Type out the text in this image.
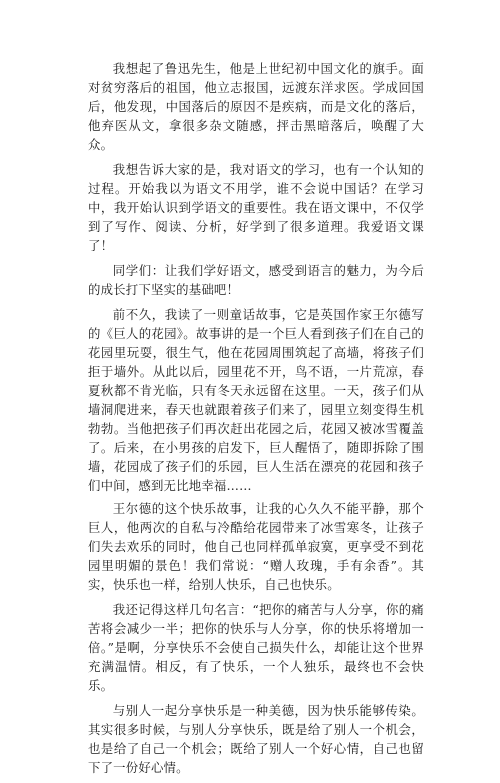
我想起了鲁迅先生，他是上世纪初中国文化的旗手。面对贫穷落后的祖国，他立志报国，远渡东洋求医。学成回国后，他发现，中国落后的原因不是疾病，而是文化的落后，他弃医从文，拿很多杂文随感，抨击黑暗落后，唤醒了大众。

我想告诉大家的是，我对语文的学习，也有一个认知的过程。开始我以为语文不用学，谁不会说中国话？在学习中，我开始认识到学语文的重要性。我在语文课中，不仅学到了写作、阅读、分析，好学到了很多道理。我爱语文课了！

同学们：让我们学好语文，感受到语言的魅力，为今后的成长打下坚实的基础吧！

前不久，我读了一则童话故事，它是英国作家王尔德写的《巨人的花园》。故事讲的是一个巨人看到孩子们在自己的花园里玩耍，很生气，他在花园周围筑起了高墙，将孩子们拒于墙外。从此以后，园里花不开，鸟不语，一片荒凉，春夏秋都不肯光临，只有冬天永远留在这里。一天，孩子们从墙洞爬进来，春天也就跟着孩子们来了，园里立刻变得生机勃勃。当他把孩子们再次赶出花园之后，花园又被冰雪覆盖了。后来，在小男孩的启发下，巨人醒悟了，随即拆除了围墙，花园成了孩子们的乐园，巨人生活在漂亮的花园和孩子们中间，感到无比地幸福……

王尔德的这个快乐故事，让我的心久久不能平静，那个巨人，他两次的自私与冷酷给花园带来了冰雪寒冬，让孩子们失去欢乐的同时，他自己也同样孤单寂寞，更享受不到花园里明媚的景色！我们常说：“赠人玫瑰，手有余香”。其实，快乐也一样，给别人快乐，自己也快乐。

我还记得这样几句名言：“把你的痛苦与人分享，你的痛苦将会减少一半；把你的快乐与人分享，你的快乐将增加一倍。”是啊，分享快乐不会使自己损失什么，却能让这个世界充满温情。相反，有了快乐，一个人独乐，最终也不会快乐。

与别人一起分享快乐是一种美德，因为快乐能够传染。其实很多时候，与别人分享快乐，既是给了别人一个机会，也是给了自己一个机会；既给了别人一个好心情，自己也留下了一份好心情。
